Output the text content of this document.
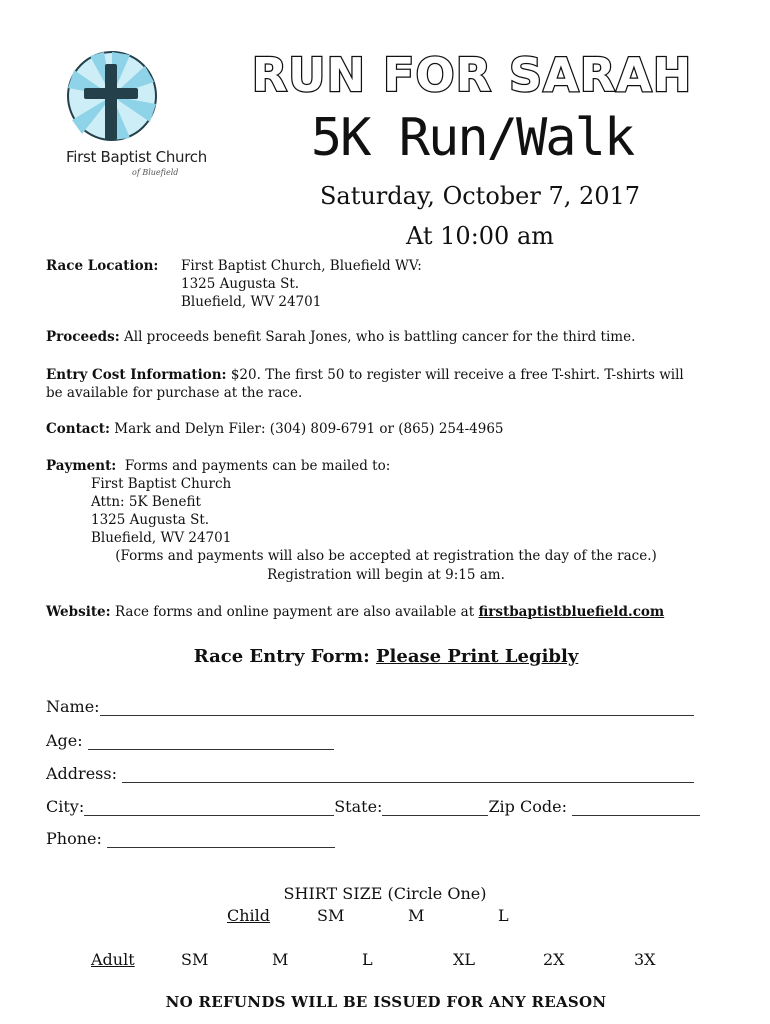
First Baptist Church
of Bluefield
RUN FOR SARAH
5K Run/Walk
Saturday, October 7, 2017
At 10:00 am
Race Location: First Baptist Church, Bluefield WV:
1325 Augusta St.
Bluefield, WV 24701
Proceeds: All proceeds benefit Sarah Jones, who is battling cancer for the third time.
Entry Cost Information: $20. The first 50 to register will receive a free T-shirt. T-shirts will
be available for purchase at the race.
Contact: Mark and Delyn Filer: (304) 809-6791 or (865) 254-4965
Payment: Forms and payments can be mailed to:
First Baptist Church
Attn: 5K Benefit
1325 Augusta St.
Bluefield, WV 24701
(Forms and payments will also be accepted at registration the day of the race.)
Registration will begin at 9:15 am.
Website: Race forms and online payment are also available at firstbaptistbluefield.com
Race Entry Form: Please Print Legibly
Name:
Age:
Address:
City:	State:	Zip Code:
Phone:
SHIRT SIZE (Circle One)
Child	SM	M	L
Adult	SM	M	L	XL	2X	3X
NO REFUNDS WILL BE ISSUED FOR ANY REASON
